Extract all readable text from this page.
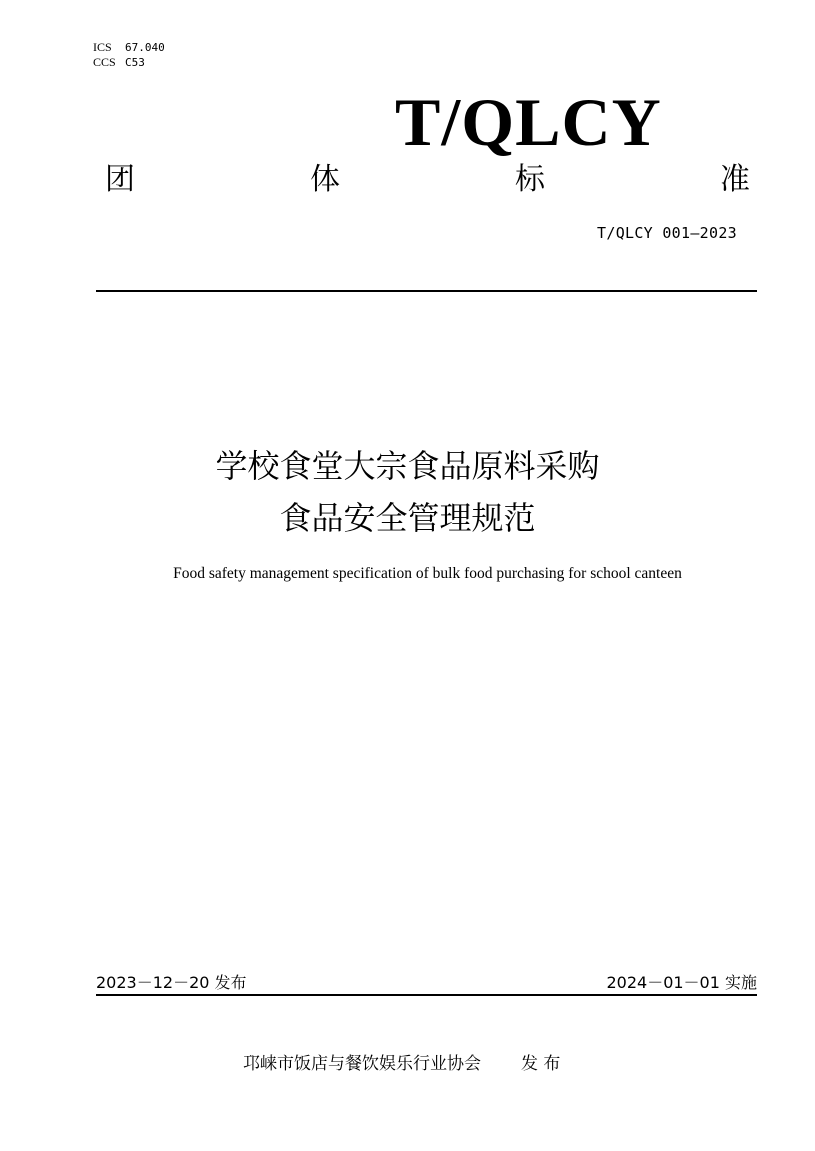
ICS 67.040
CCS C53
T/QLCY
团	体	标	准
T/QLCY 001—2023
学校食堂大宗食品原料采购
食品安全管理规范
Food safety management specification of bulk food purchasing for school canteen
2023－12－20 发布	2024－01－01 实施
邛崃市饭店与餐饮娱乐行业协会 发 布
